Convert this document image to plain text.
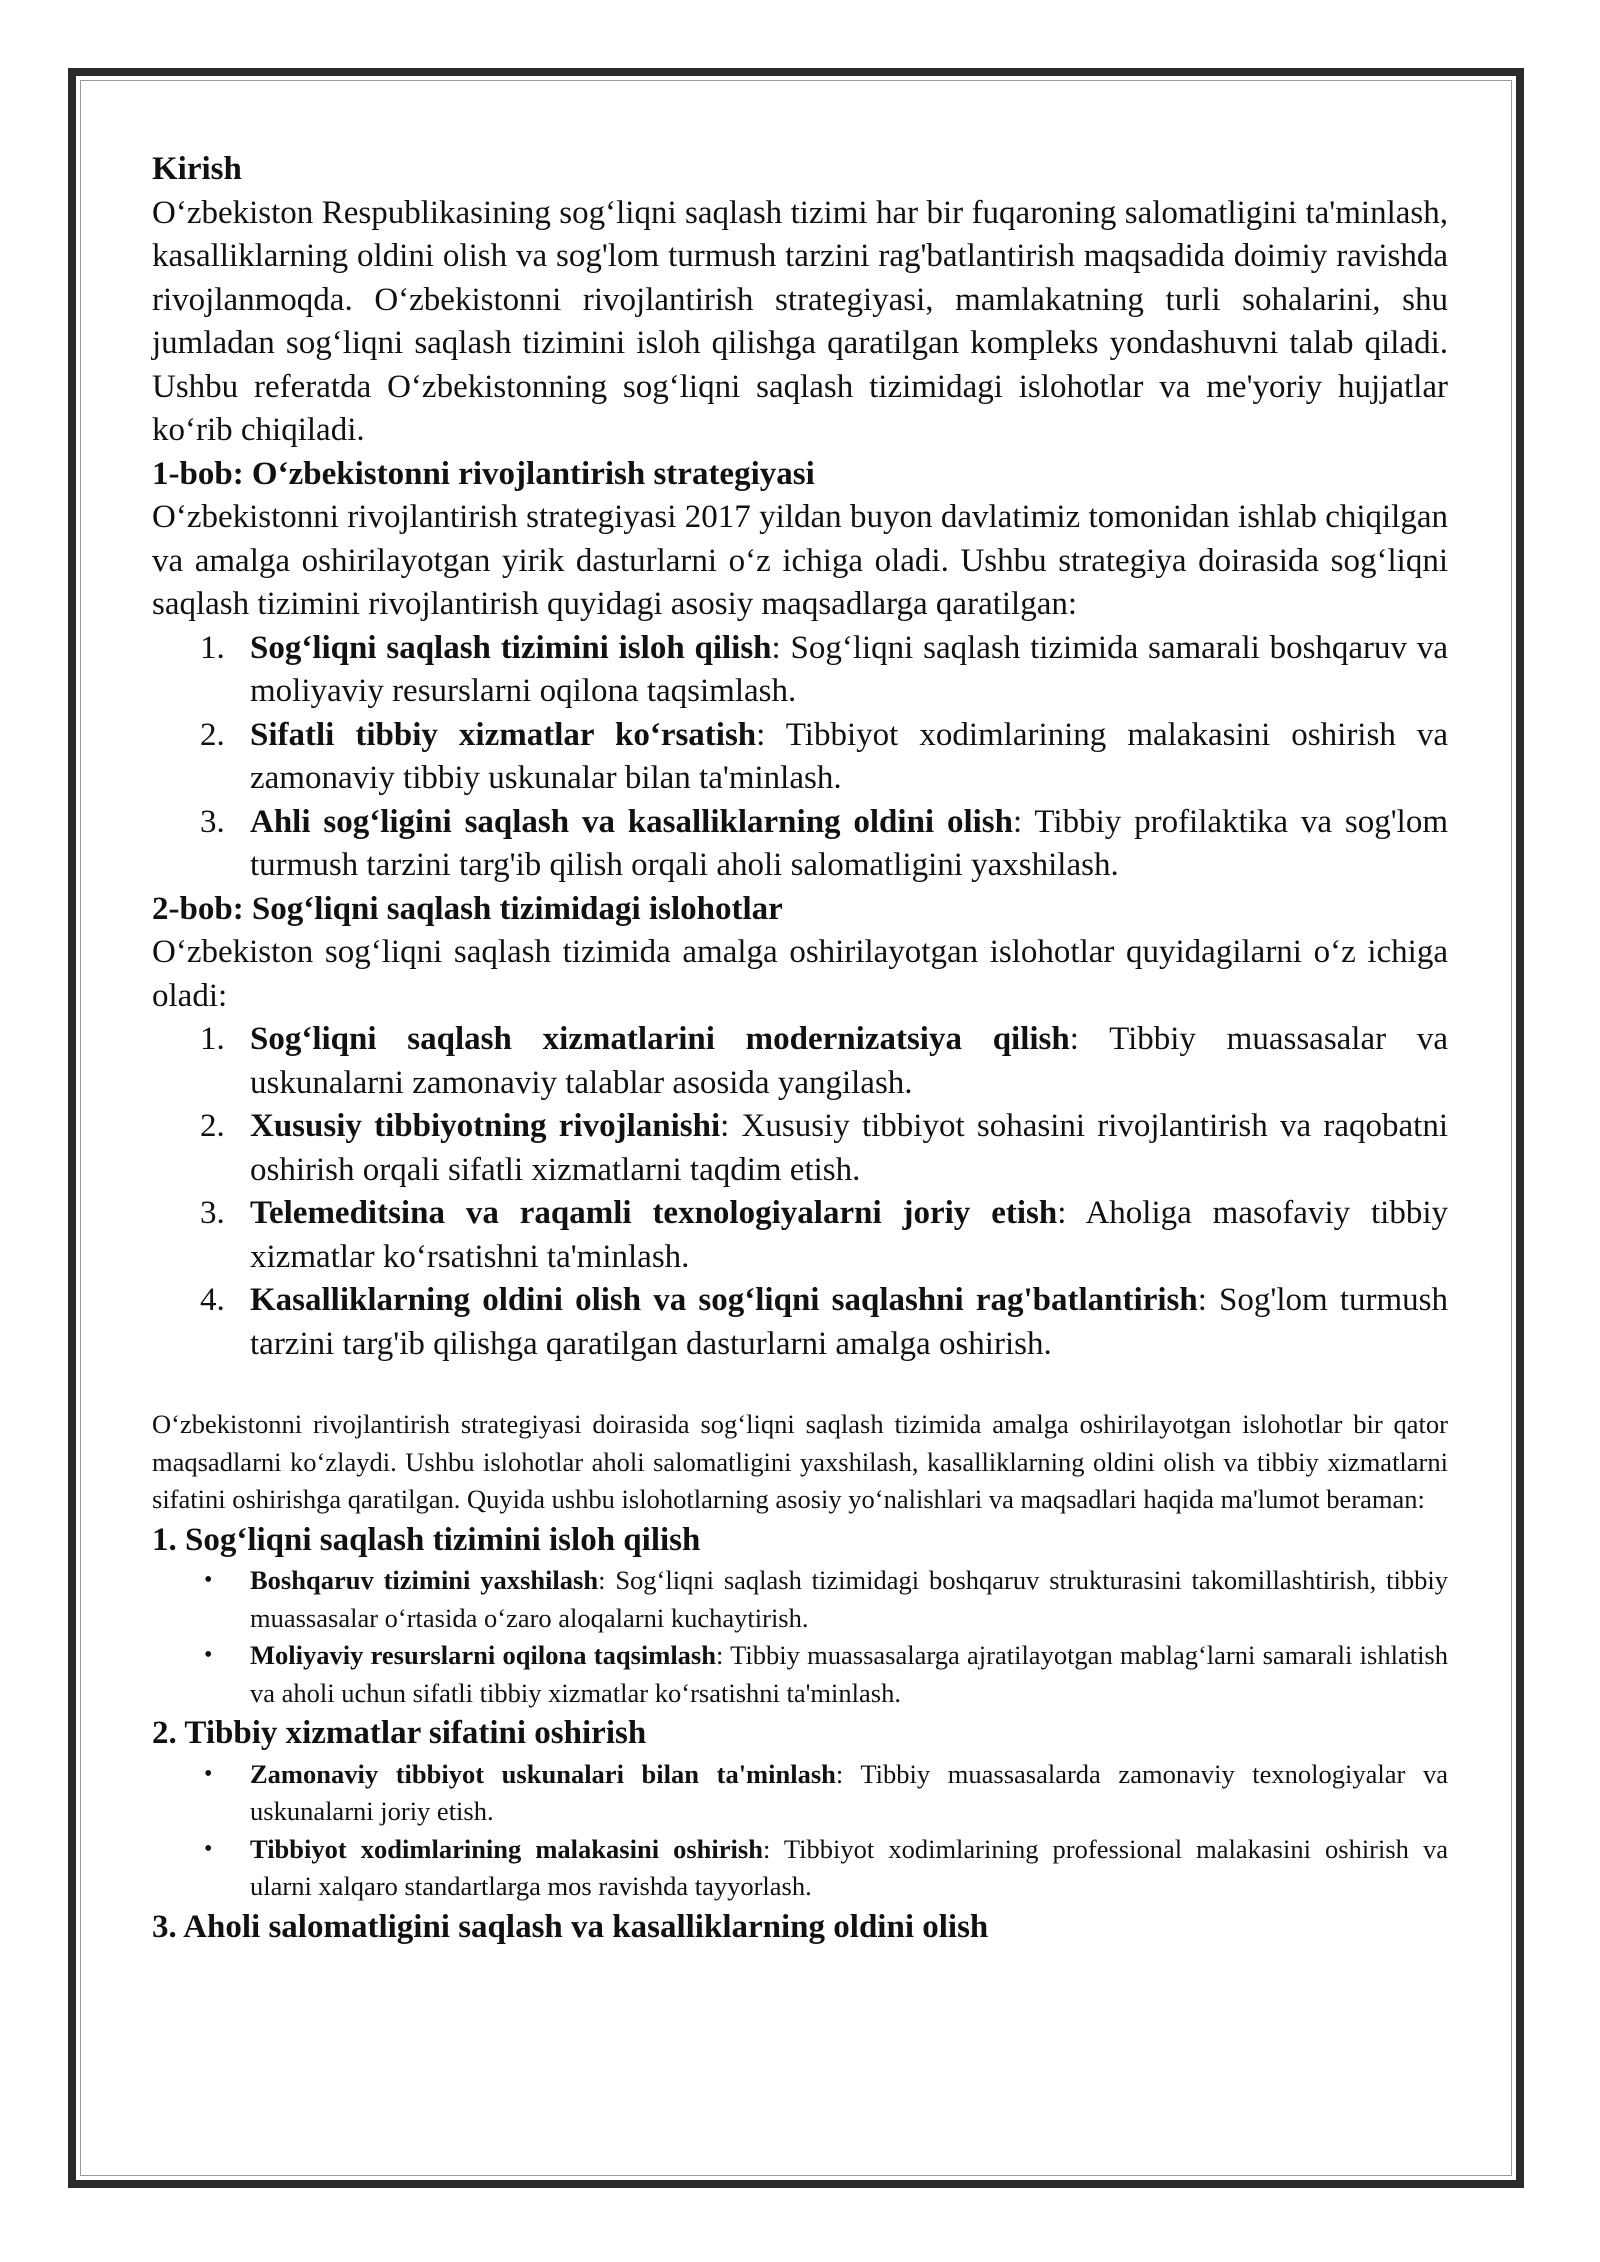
Kirish

O‘zbekiston Respublikasining sog‘liqni saqlash tizimi har bir fuqaroning salomatligini ta'minlash, kasalliklarning oldini olish va sog'lom turmush tarzini rag'batlantirish maqsadida doimiy ravishda rivojlanmoqda. O‘zbekistonni rivojlantirish strategiyasi, mamlakatning turli sohalarini, shu jumladan sog‘liqni saqlash tizimini isloh qilishga qaratilgan kompleks yondashuvni talab qiladi. Ushbu referatda O‘zbekistonning sog‘liqni saqlash tizimidagi islohotlar va me'yoriy hujjatlar ko‘rib chiqiladi.

1-bob: O‘zbekistonni rivojlantirish strategiyasi

O‘zbekistonni rivojlantirish strategiyasi 2017 yildan buyon davlatimiz tomonidan ishlab chiqilgan va amalga oshirilayotgan yirik dasturlarni o‘z ichiga oladi. Ushbu strategiya doirasida sog‘liqni saqlash tizimini rivojlantirish quyidagi asosiy maqsadlarga qaratilgan:

1. Sog‘liqni saqlash tizimini isloh qilish: Sog‘liqni saqlash tizimida samarali boshqaruv va moliyaviy resurslarni oqilona taqsimlash.
2. Sifatli tibbiy xizmatlar ko‘rsatish: Tibbiyot xodimlarining malakasini oshirish va zamonaviy tibbiy uskunalar bilan ta'minlash.
3. Ahli sog‘ligini saqlash va kasalliklarning oldini olish: Tibbiy profilaktika va sog'lom turmush tarzini targ'ib qilish orqali aholi salomatligini yaxshilash.
2-bob: Sog‘liqni saqlash tizimidagi islohotlar

O‘zbekiston sog‘liqni saqlash tizimida amalga oshirilayotgan islohotlar quyidagilarni o‘z ichiga oladi:

1. Sog‘liqni saqlash xizmatlarini modernizatsiya qilish: Tibbiy muassasalar va uskunalarni zamonaviy talablar asosida yangilash.
2. Xususiy tibbiyotning rivojlanishi: Xususiy tibbiyot sohasini rivojlantirish va raqobatni oshirish orqali sifatli xizmatlarni taqdim etish.
3. Telemeditsina va raqamli texnologiyalarni joriy etish: Aholiga masofaviy tibbiy xizmatlar ko‘rsatishni ta'minlash.
4. Kasalliklarning oldini olish va sog‘liqni saqlashni rag'batlantirish: Sog'lom turmush tarzini targ'ib qilishga qaratilgan dasturlarni amalga oshirish.

O‘zbekistonni rivojlantirish strategiyasi doirasida sog‘liqni saqlash tizimida amalga oshirilayotgan islohotlar bir qator maqsadlarni ko‘zlaydi. Ushbu islohotlar aholi salomatligini yaxshilash, kasalliklarning oldini olish va tibbiy xizmatlarni sifatini oshirishga qaratilgan. Quyida ushbu islohotlarning asosiy yo‘nalishlari va maqsadlari haqida ma'lumot beraman:

1. Sog‘liqni saqlash tizimini isloh qilish
• Boshqaruv tizimini yaxshilash: Sog‘liqni saqlash tizimidagi boshqaruv strukturasini takomillashtirish, tibbiy muassasalar o‘rtasida o‘zaro aloqalarni kuchaytirish.
• Moliyaviy resurslarni oqilona taqsimlash: Tibbiy muassasalarga ajratilayotgan mablag‘larni samarali ishlatish va aholi uchun sifatli tibbiy xizmatlar ko‘rsatishni ta'minlash.
2. Tibbiy xizmatlar sifatini oshirish
• Zamonaviy tibbiyot uskunalari bilan ta'minlash: Tibbiy muassasalarda zamonaviy texnologiyalar va uskunalarni joriy etish.
• Tibbiyot xodimlarining malakasini oshirish: Tibbiyot xodimlarining professional malakasini oshirish va ularni xalqaro standartlarga mos ravishda tayyorlash.
3. Aholi salomatligini saqlash va kasalliklarning oldini olish
